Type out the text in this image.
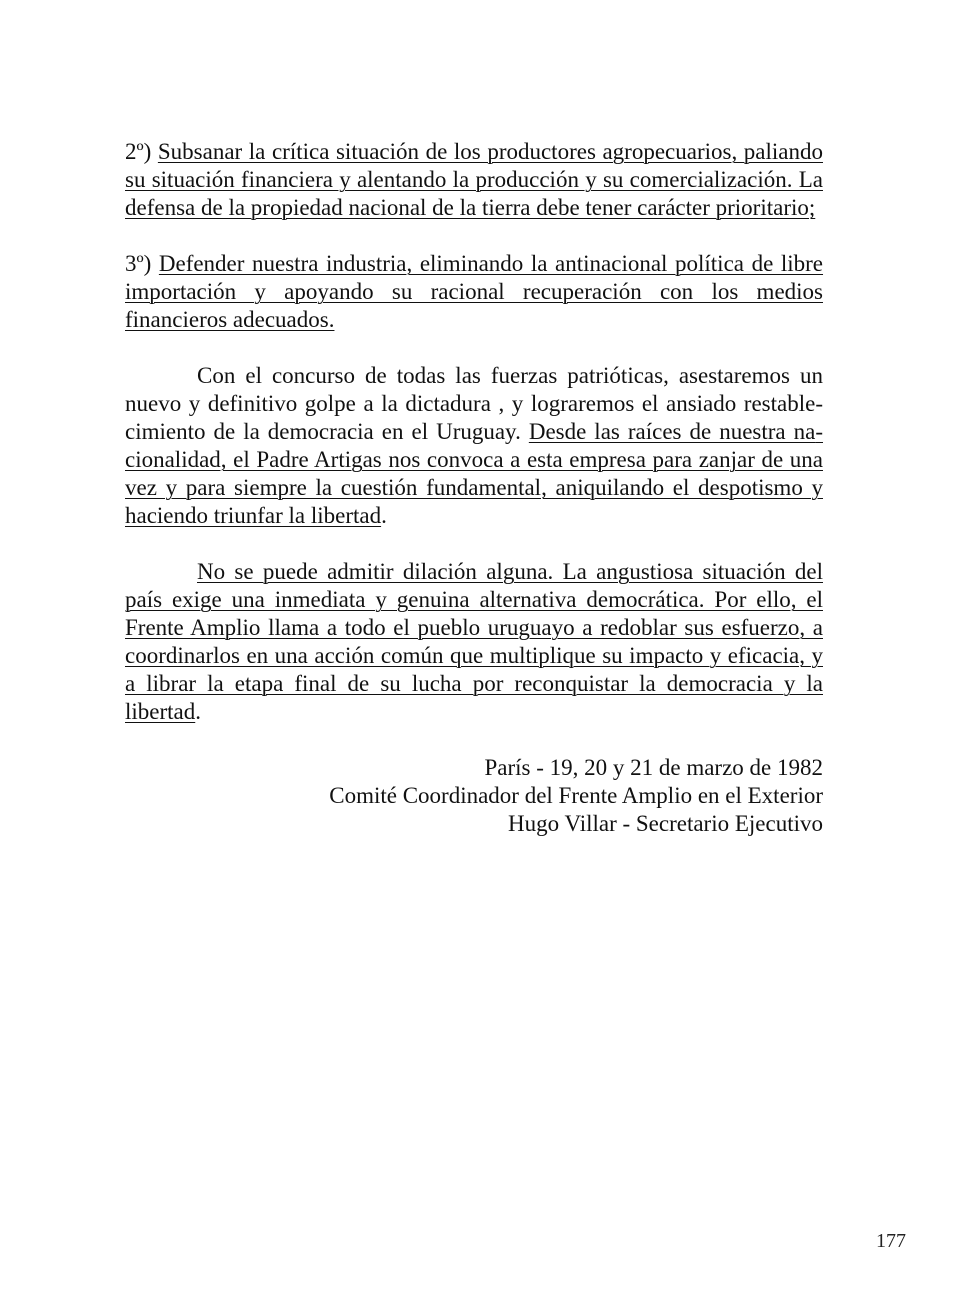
2º) Subsanar la crítica situación de los productores agropecuarios, paliando su situación financiera y alentando la producción y su comercialización. La defensa de la propiedad nacional de la tierra debe tener carácter prioritario;

3º) Defender nuestra industria, eliminando la antinacional política de libre importación y apoyando su racional recuperación con los medios financieros adecuados.

Con el concurso de todas las fuerzas patrióticas, asestaremos un nuevo y definitivo golpe a la dictadura , y lograremos el ansiado restablecimiento de la democracia en el Uruguay. Desde las raíces de nuestra nacionalidad, el Padre Artigas nos convoca a esta empresa para zanjar de una vez y para siempre la cuestión fundamental, aniquilando el despotismo y haciendo triunfar la libertad.

No se puede admitir dilación alguna. La angustiosa situación del país exige una inmediata y genuina alternativa democrática. Por ello, el Frente Amplio llama a todo el pueblo uruguayo a redoblar sus esfuerzo, a coordinarlos en una acción común que multiplique su impacto y eficacia, y a librar la etapa final de su lucha por reconquistar la democracia y la libertad.

París - 19, 20 y 21 de marzo de 1982
Comité Coordinador del Frente Amplio en el Exterior
Hugo Villar - Secretario Ejecutivo
177
